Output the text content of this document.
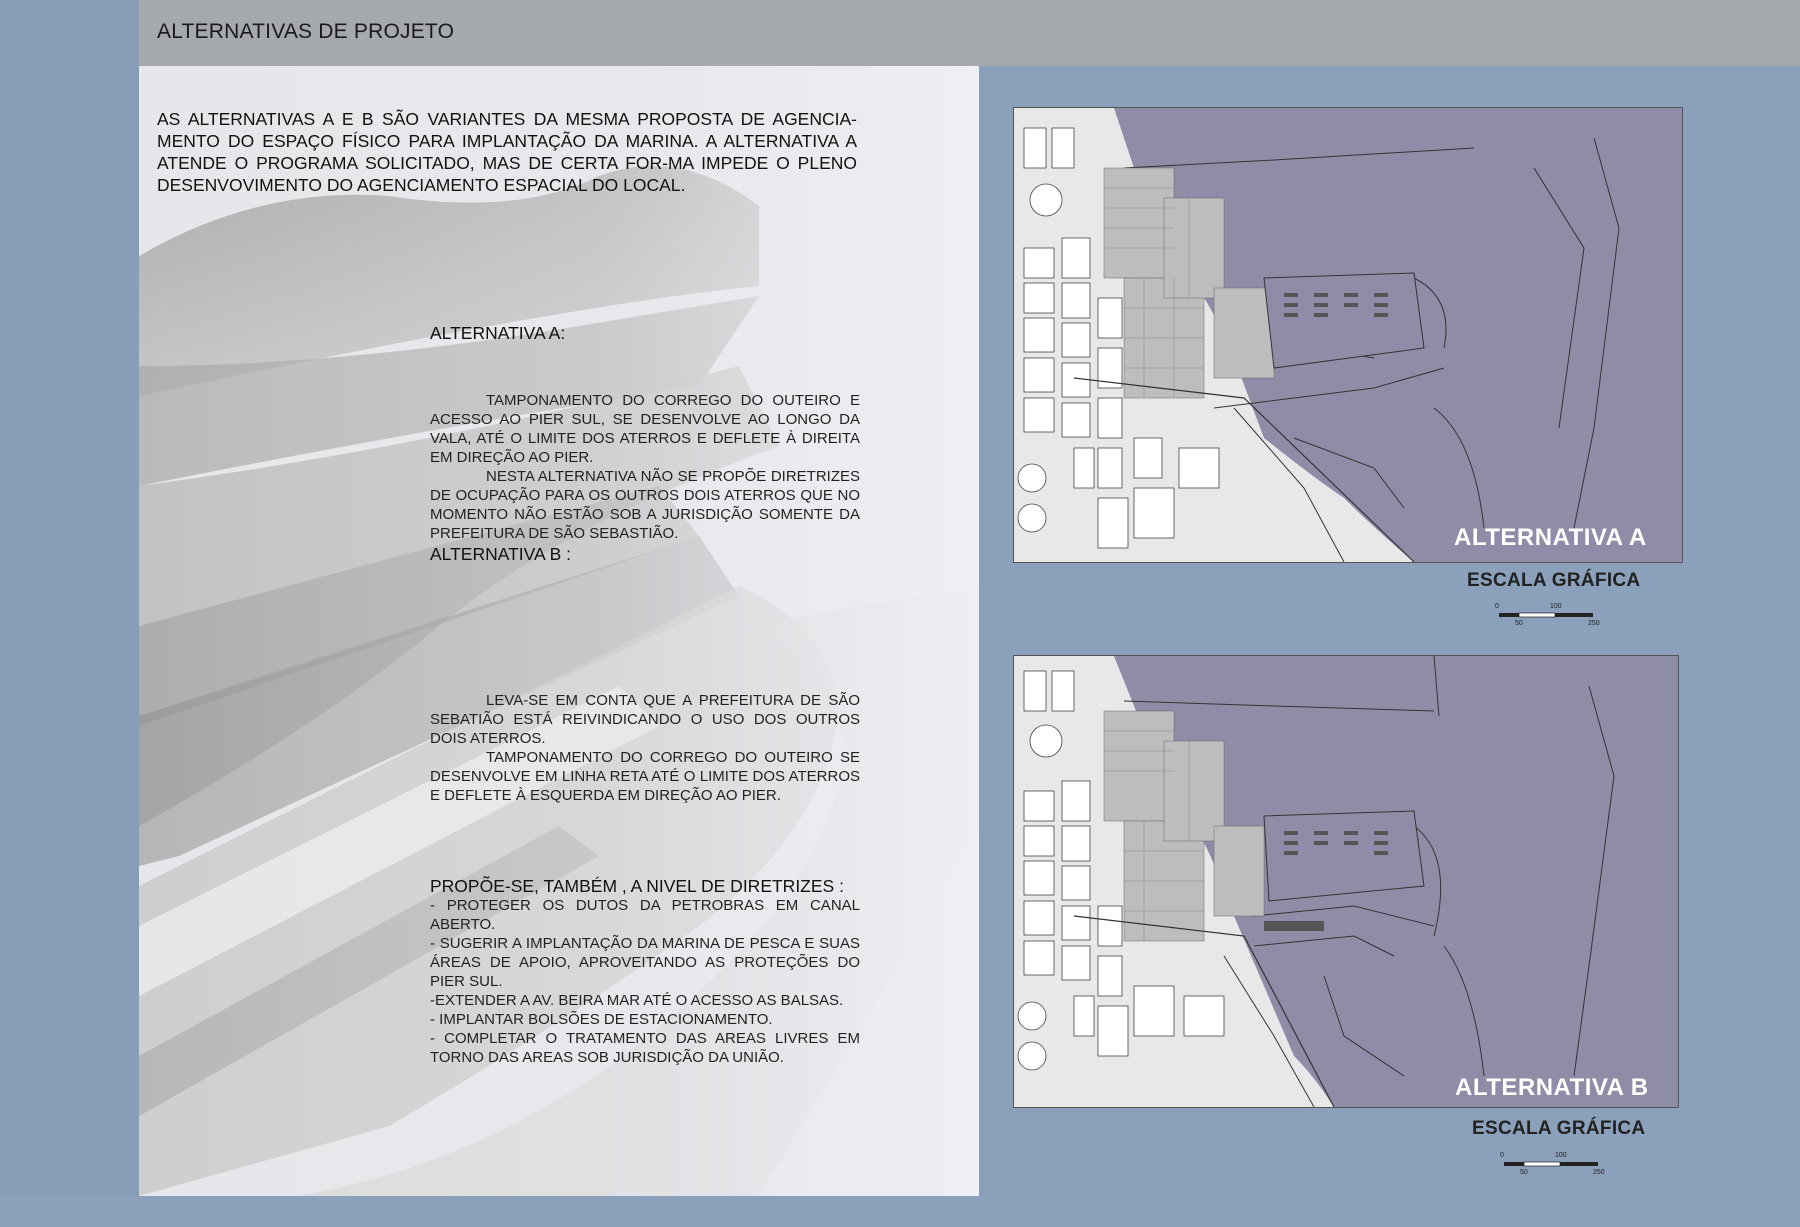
ALTERNATIVAS DE PROJETO
AS ALTERNATIVAS A E B SÃO VARIANTES DA MESMA PROPOSTA DE AGENCIA-MENTO DO ESPAÇO FÍSICO PARA IMPLANTAÇÃO DA MARINA. A ALTERNATIVA A ATENDE O PROGRAMA SOLICITADO, MAS DE CERTA FOR-MA IMPEDE O PLENO DESENVOVIMENTO DO AGENCIAMENTO ESPACIAL DO LOCAL.
ALTERNATIVA A:

TAMPONAMENTO DO CORREGO DO OUTEIRO E ACESSO AO PIER SUL, SE DESENVOLVE AO LONGO DA VALA, ATÉ O LIMITE DOS ATERROS E DEFLETE À DIREITA EM DIREÇÃO AO PIER.

NESTA ALTERNATIVA NÃO SE PROPÕE DIRETRIZES DE OCUPAÇÃO PARA OS OUTROS DOIS ATERROS QUE NO MOMENTO NÃO ESTÃO SOB A JURISDIÇÃO SOMENTE DA PREFEITURA DE SÃO SEBASTIÃO.

ALTERNATIVA B :

LEVA-SE EM CONTA QUE A PREFEITURA DE SÃO SEBATIÃO ESTÁ REIVINDICANDO O USO DOS OUTROS DOIS ATERROS.

TAMPONAMENTO DO CORREGO DO OUTEIRO SE DESENVOLVE EM LINHA RETA ATÉ O LIMITE DOS ATERROS E DEFLETE À ESQUERDA EM DIREÇÃO AO PIER.

PROPÕE-SE, TAMBÉM , A NIVEL DE DIRETRIZES :

- PROTEGER OS DUTOS DA PETROBRAS EM CANAL ABERTO.

- SUGERIR A IMPLANTAÇÃO DA MARINA DE PESCA E SUAS ÁREAS DE APOIO, APROVEITANDO AS PROTEÇÕES DO PIER SUL.

-EXTENDER A AV. BEIRA MAR ATÉ O ACESSO AS BALSAS.

- IMPLANTAR BOLSÕES DE ESTACIONAMENTO.

- COMPLETAR O TRATAMENTO DAS AREAS LIVRES EM TORNO DAS AREAS SOB JURISDIÇÃO DA UNIÃO.

ALTERNATIVA A
ESCALA GRÁFICA
0
50
100
250
ALTERNATIVA B
ESCALA GRÁFICA
0
50
100
250
